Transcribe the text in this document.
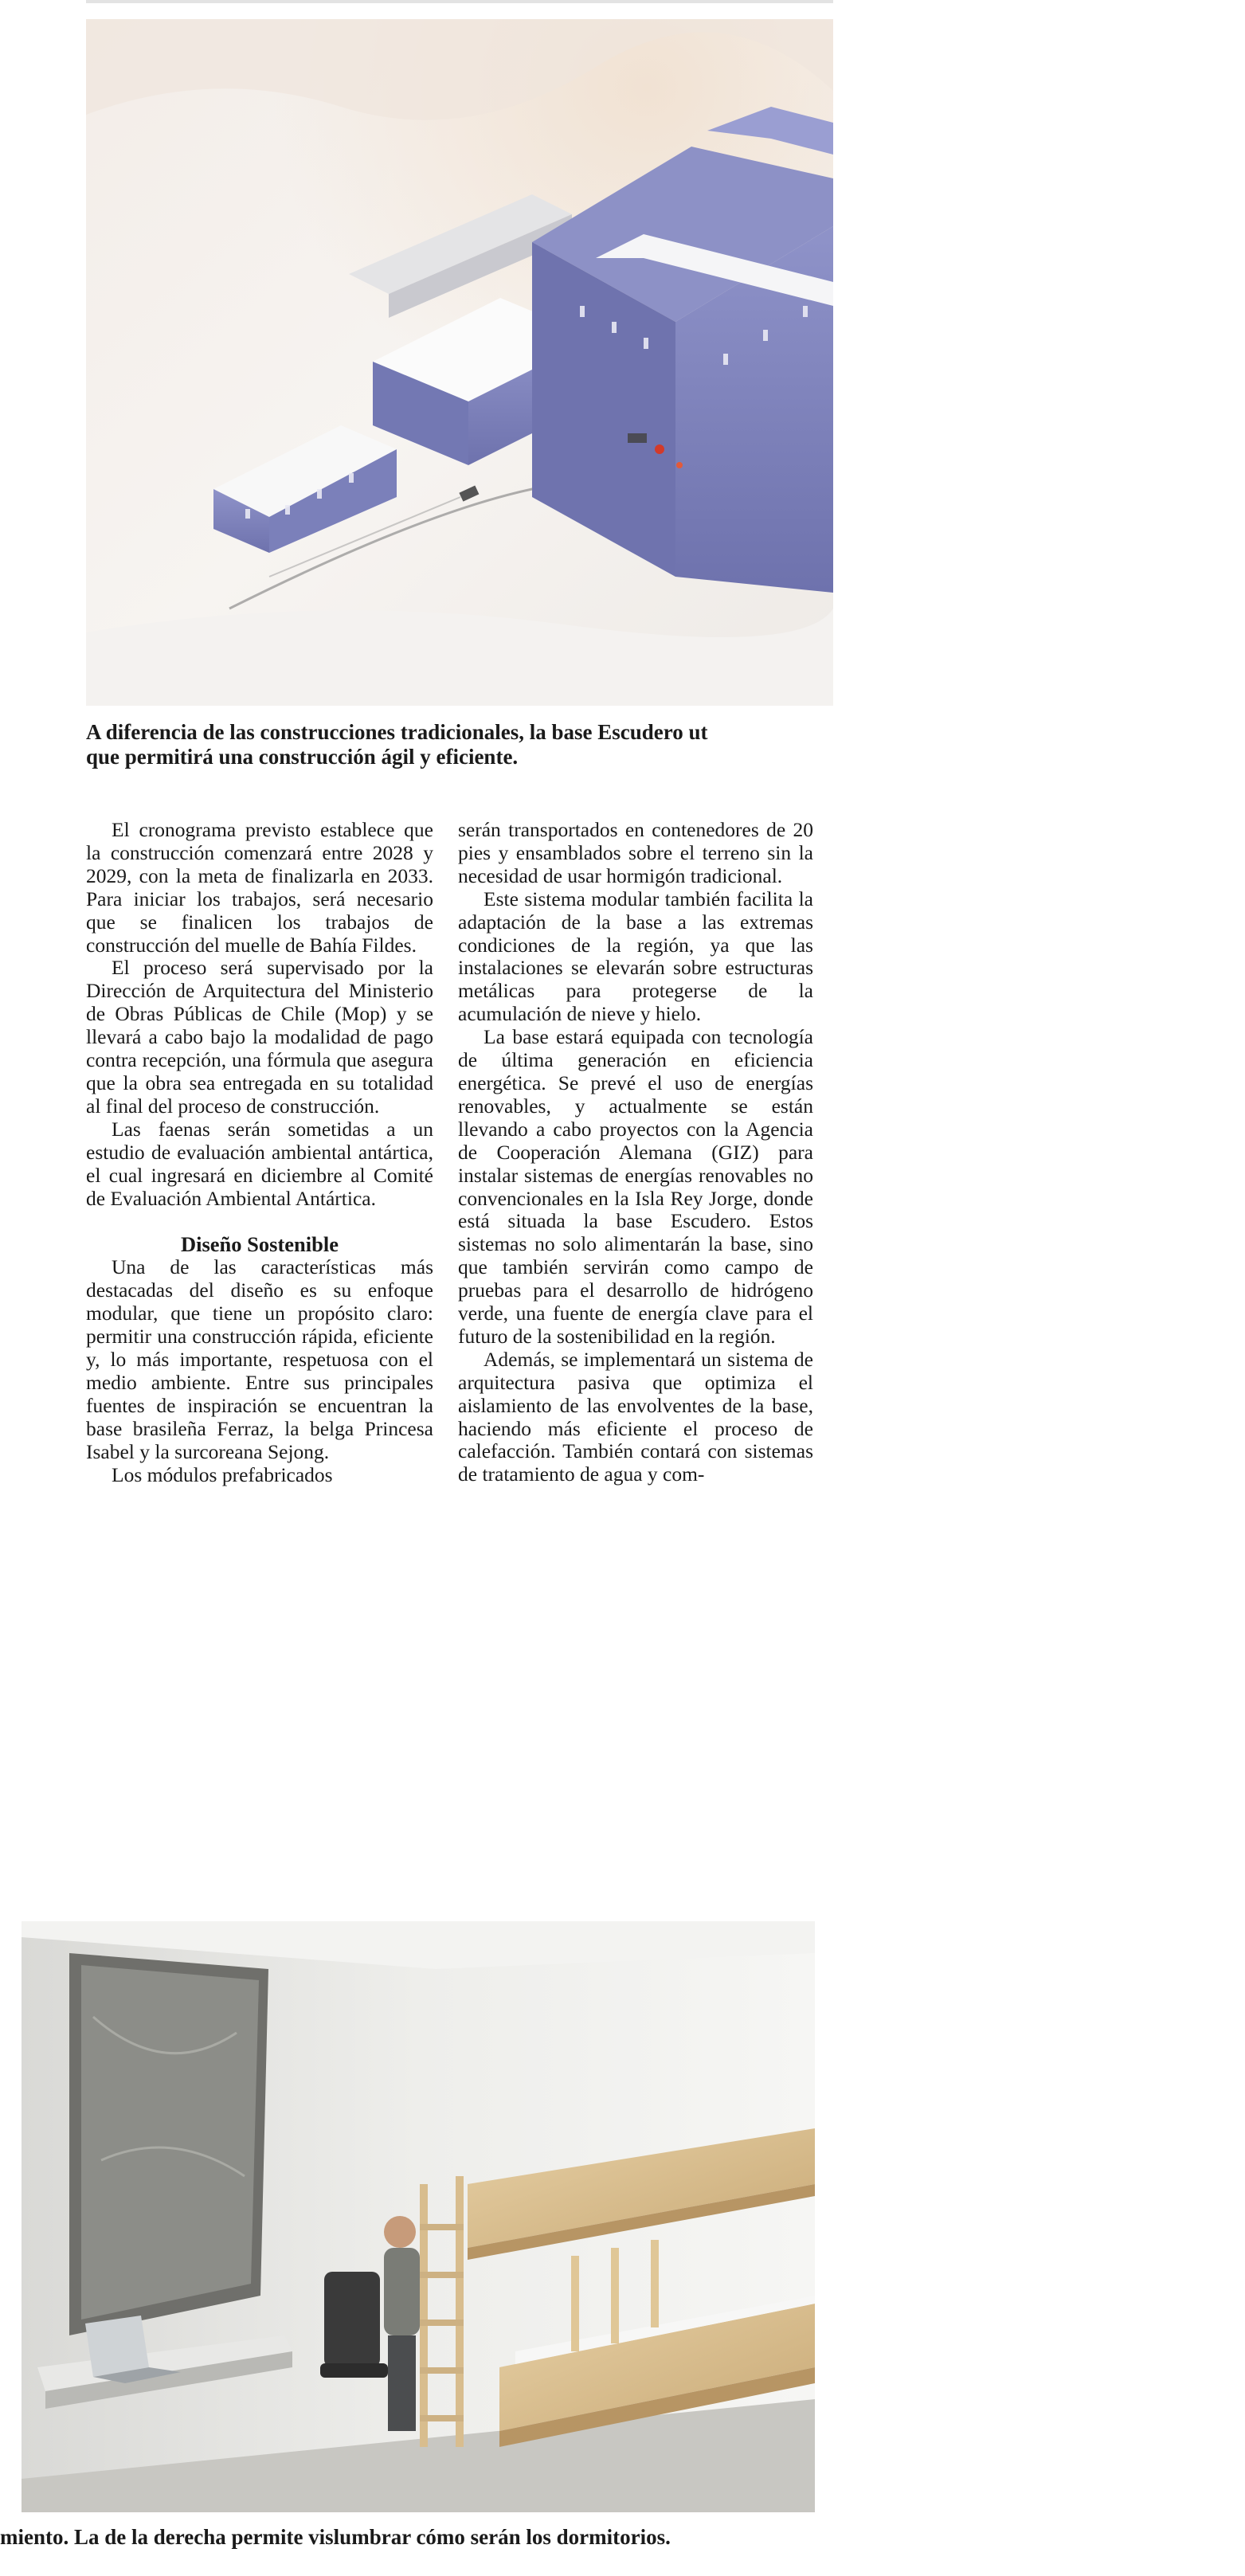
A diferencia de las construcciones tradicionales, la base Escudero ut
que permitirá una construcción ágil y eficiente.

El cronograma previsto establece que la construcción comenzará entre 2028 y 2029, con la meta de finalizarla en 2033. Para iniciar los trabajos, será necesario que se finalicen los trabajos de construcción del muelle de Bahía Fildes.

El proceso será supervisado por la Dirección de Arquitectura del Ministerio de Obras Públicas de Chile (Mop) y se llevará a cabo bajo la modalidad de pago contra recepción, una fórmula que asegura que la obra sea entregada en su totalidad al final del proceso de construcción.

Las faenas serán sometidas a un estudio de evaluación ambiental antártica, el cual ingresará en diciembre al Comité de Evaluación Ambiental Antártica.

Diseño Sostenible

Una de las características más destacadas del diseño es su enfoque modular, que tiene un propósito claro: permitir una construcción rápida, eficiente y, lo más importante, respetuosa con el medio ambiente. Entre sus principales fuentes de inspiración se encuentran la base brasileña Ferraz, la belga Princesa Isabel y la surcoreana Sejong.

Los módulos prefabricados

serán transportados en contenedores de 20 pies y ensamblados sobre el terreno sin la necesidad de usar hormigón tradicional.

Este sistema modular también facilita la adaptación de la base a las extremas condiciones de la región, ya que las instalaciones se elevarán sobre estructuras metálicas para protegerse de la acumulación de nieve y hielo.

La base estará equipada con tecnología de última generación en eficiencia energética. Se prevé el uso de energías renovables, y actualmente se están llevando a cabo proyectos con la Agencia de Cooperación Alemana (GIZ) para instalar sistemas de energías renovables no convencionales en la Isla Rey Jorge, donde está situada la base Escudero. Estos sistemas no solo alimentarán la base, sino que también servirán como campo de pruebas para el desarrollo de hidrógeno verde, una fuente de energía clave para el futuro de la sostenibilidad en la región.

Además, se implementará un sistema de arquitectura pasiva que optimiza el aislamiento de las envolventes de la base, haciendo más eficiente el proceso de calefacción. También contará con sistemas de tratamiento de agua y com-

miento. La de la derecha permite vislumbrar cómo serán los dormitorios.
